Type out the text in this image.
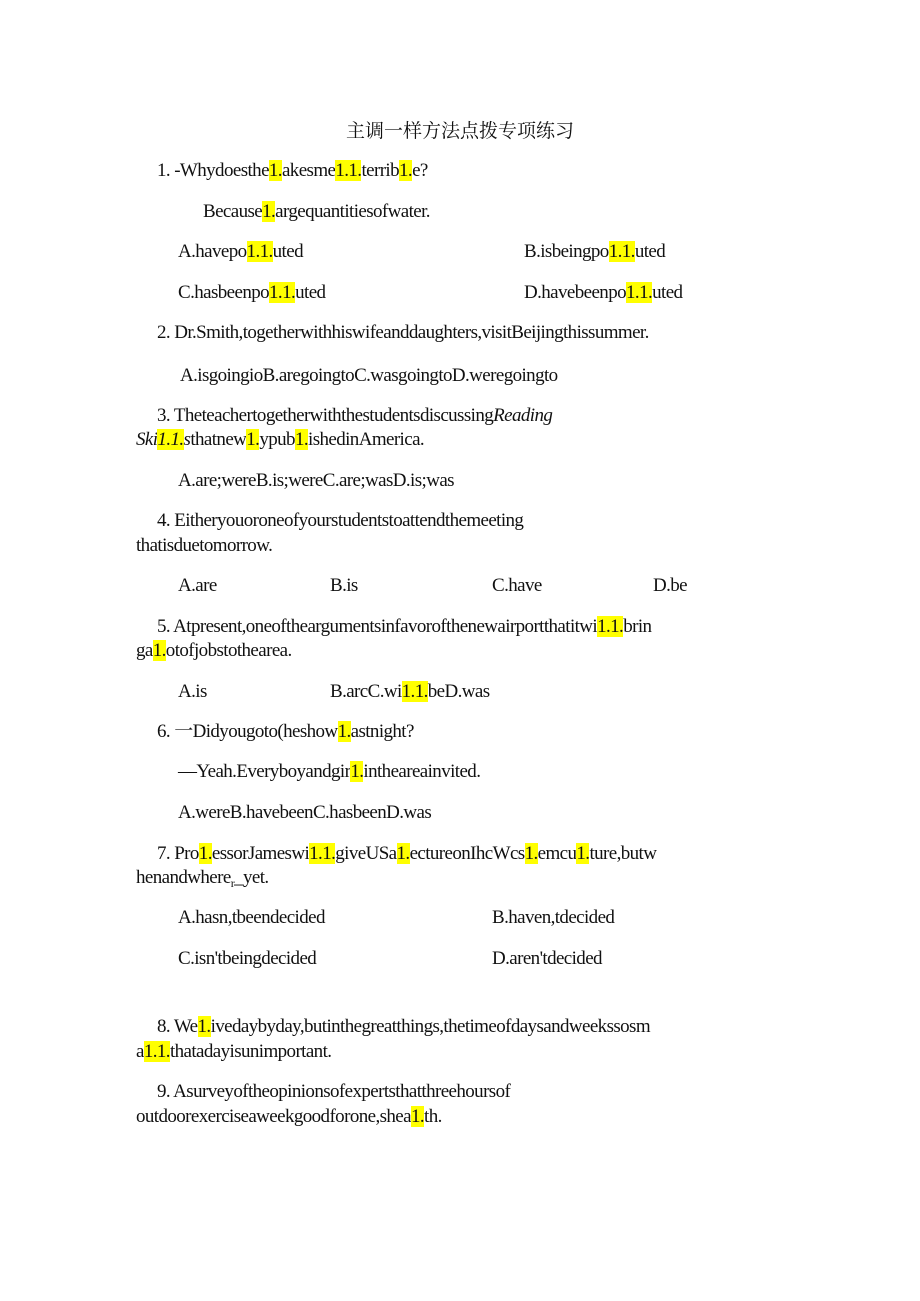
主调一样方法点拨专项练习
1. -Whydoesthe1.akesme1.1.terrib1.e?
Because1.argequantitiesofwater.
A.havepo1.1.uted	B.isbeingpo1.1.uted
C.hasbeenpo1.1.uted	D.havebeenpo1.1.uted
2. Dr.Smith,togetherwithhiswifeanddaughters,visitBeijingthissummer.
A.isgoingioB.aregoingtoC.wasgoingtoD.weregoingto
3. TheteachertogetherwiththestudentsdiscussingReading
Ski1.1.sthatnew1.ypub1.ishedinAmerica.
A.are;wereB.is;wereC.are;wasD.is;was
4. Eitheryouoroneofyourstudentstoattendthemeeting
thatisduetomorrow.
A.are	B.is	C.have	D.be
5. Atpresent,oneoftheargumentsinfavorofthenewairportthatitwi1.1.brin
ga1.otofjobstothearea.
A.is	B.arcC.wi1.1.beD.was
6. 一Didyougoto(heshow1.astnight?
—Yeah.Everyboyandgir1.intheareainvited.
A.wereB.havebeenC.hasbeenD.was
7. Pro1.essorJameswi1.1.giveUSa1.ectureonIhcWcs1.emcu1.ture,butw
henandwhere$_r$_yet.
A.hasn,tbeendecided	B.haven,tdecided
C.isn'tbeingdecided	D.aren'tdecided
8. We1.ivedaybyday,butinthegreatthings,thetimeofdaysandweekssosm
a1.1.thatadayisunimportant.
9. Asurveyoftheopinionsofexpertsthatthreehoursof
outdoorexerciseaweekgoodforone,shea1.th.
